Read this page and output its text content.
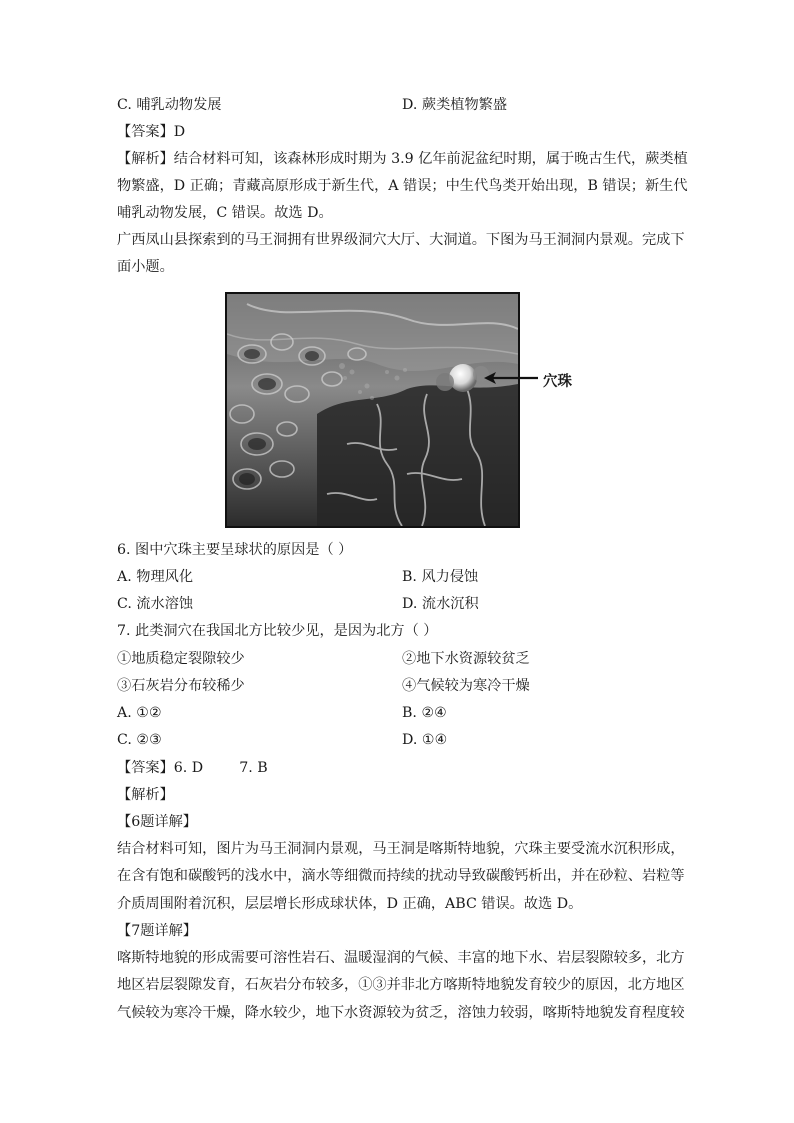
C. 哺乳动物发展	D. 蕨类植物繁盛
【答案】D
【解析】结合材料可知，该森林形成时期为 3.9 亿年前泥盆纪时期，属于晚古生代，蕨类植
物繁盛，D 正确；青藏高原形成于新生代，A 错误；中生代鸟类开始出现，B 错误；新生代
哺乳动物发展，C 错误。故选 D。
广西凤山县探索到的马王洞拥有世界级洞穴大厅、大洞道。下图为马王洞洞内景观。完成下
面小题。
穴珠
6. 图中穴珠主要呈球状的原因是（ ）
A. 物理风化	B. 风力侵蚀
C. 流水溶蚀	D. 流水沉积
7. 此类洞穴在我国北方比较少见，是因为北方（ ）
①地质稳定裂隙较少	②地下水资源较贫乏
③石灰岩分布较稀少	④气候较为寒冷干燥
A. ①②	B. ②④
C. ②③	D. ①④
【答案】6. D        7. B
【解析】
【6题详解】
结合材料可知，图片为马王洞洞内景观，马王洞是喀斯特地貌，穴珠主要受流水沉积形成，
在含有饱和碳酸钙的浅水中，滴水等细微而持续的扰动导致碳酸钙析出，并在砂粒、岩粒等
介质周围附着沉积，层层增长形成球状体，D 正确，ABC 错误。故选 D。
【7题详解】
喀斯特地貌的形成需要可溶性岩石、温暖湿润的气候、丰富的地下水、岩层裂隙较多，北方
地区岩层裂隙发育，石灰岩分布较多，①③并非北方喀斯特地貌发育较少的原因，北方地区
气候较为寒冷干燥，降水较少，地下水资源较为贫乏，溶蚀力较弱，喀斯特地貌发育程度较
